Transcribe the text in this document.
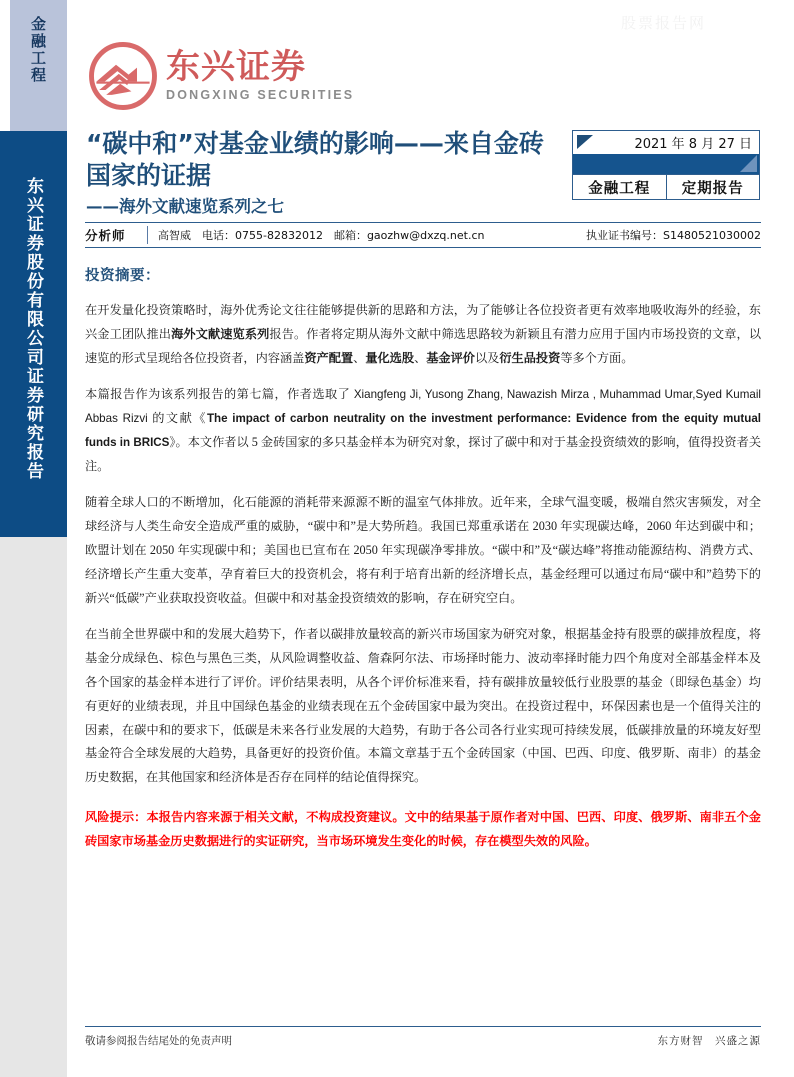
金融工程
东兴证券股份有限公司证券研究报告
股票报告网
东兴证券
DONGXING SECURITIES
“碳中和”对基金业绩的影响——来自金砖国家的证据
——海外文献速览系列之七
2021 年 8 月 27 日
金融工程	定期报告
分析师	高智威　电话：0755-82832012　邮箱：gaozhw@dxzq.net.cn	执业证书编号：S1480521030002
投资摘要：
在开发量化投资策略时，海外优秀论文往往能够提供新的思路和方法，为了能够让各位投资者更有效率地吸收海外的经验，东兴金工团队推出海外文献速览系列报告。作者将定期从海外文献中筛选思路较为新颖且有潜力应用于国内市场投资的文章，以速览的形式呈现给各位投资者，内容涵盖资产配置、量化选股、基金评价以及衍生品投资等多个方面。
本篇报告作为该系列报告的第七篇，作者选取了 Xiangfeng Ji, Yusong Zhang, Nawazish Mirza , Muhammad Umar,Syed Kumail Abbas Rizvi 的文献《The impact of carbon neutrality on the investment performance: Evidence from the equity mutual funds in BRICS》。本文作者以 5 金砖国家的多只基金样本为研究对象，探讨了碳中和对于基金投资绩效的影响，值得投资者关注。
随着全球人口的不断增加，化石能源的消耗带来源源不断的温室气体排放。近年来，全球气温变暖，极端自然灾害频发，对全球经济与人类生命安全造成严重的威胁，“碳中和”是大势所趋。我国已郑重承诺在 2030 年实现碳达峰，2060 年达到碳中和；欧盟计划在 2050 年实现碳中和；美国也已宣布在 2050 年实现碳净零排放。“碳中和”及“碳达峰”将推动能源结构、消费方式、经济增长产生重大变革，孕育着巨大的投资机会，将有利于培育出新的经济增长点，基金经理可以通过布局“碳中和”趋势下的新兴“低碳”产业获取投资收益。但碳中和对基金投资绩效的影响，存在研究空白。
在当前全世界碳中和的发展大趋势下，作者以碳排放量较高的新兴市场国家为研究对象，根据基金持有股票的碳排放程度，将基金分成绿色、棕色与黑色三类，从风险调整收益、詹森阿尔法、市场择时能力、波动率择时能力四个角度对全部基金样本及各个国家的基金样本进行了评价。评价结果表明，从各个评价标准来看，持有碳排放量较低行业股票的基金（即绿色基金）均有更好的业绩表现，并且中国绿色基金的业绩表现在五个金砖国家中最为突出。在投资过程中，环保因素也是一个值得关注的因素，在碳中和的要求下，低碳是未来各行业发展的大趋势，有助于各公司各行业实现可持续发展，低碳排放量的环境友好型基金符合全球发展的大趋势，具备更好的投资价值。本篇文章基于五个金砖国家（中国、巴西、印度、俄罗斯、南非）的基金历史数据，在其他国家和经济体是否存在同样的结论值得探究。
风险提示：本报告内容来源于相关文献，不构成投资建议。文中的结果基于原作者对中国、巴西、印度、俄罗斯、南非五个金砖国家市场基金历史数据进行的实证研究，当市场环境发生变化的时候，存在模型失效的风险。
敬请参阅报告结尾处的免责声明	东方财智　兴盛之源
